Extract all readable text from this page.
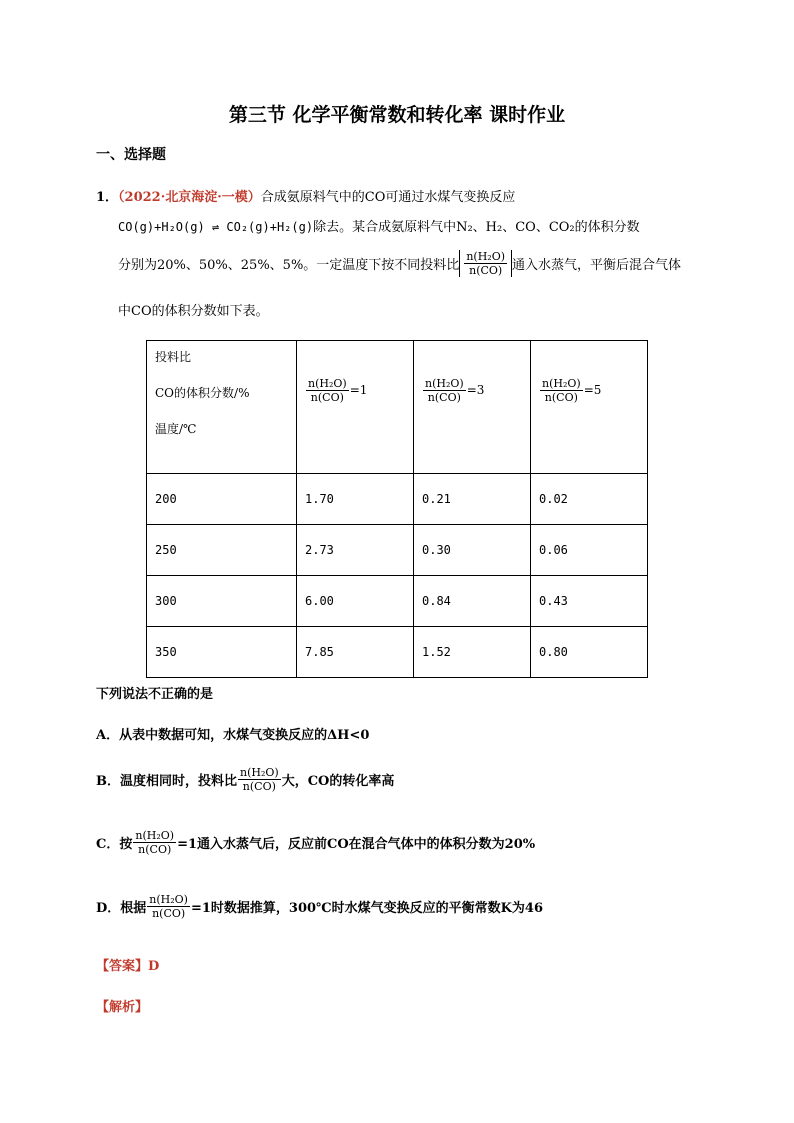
第三节 化学平衡常数和转化率 课时作业
一、选择题
1．（2022·北京海淀·一模）合成氨原料气中的CO可通过水煤气变换反应
CO(g)+H₂O(g) ⇌ CO₂(g)+H₂(g)除去。某合成氨原料气中N₂、H₂、CO、CO₂的体积分数
分别为20%、50%、25%、5%。一定温度下按不同投料比 $\frac{\text{n(H₂O)}}{n(CO)}$ 通入水蒸气，平衡后混合气体
中CO的体积分数如下表。
投料比
CO的体积分数/%
温度/℃	$\frac{\text{n(H₂O)}}{n(CO)} =1$	$\frac{\text{n(H₂O)}}{n(CO)} =3$	$\frac{\text{n(H₂O)}}{n(CO)} =5$

200	1.70	0.21	0.02
250	2.73	0.30	0.06
300	6.00	0.84	0.43
350	7.85	1.52	0.80
下列说法不正确的是
A．从表中数据可知，水煤气变换反应的ΔH<0
B．温度相同时，投料比 $\frac{\text{n(H₂O)}}{n(CO)}$ 大，CO的转化率高
C．按 $\frac{\text{n(H₂O)}}{n(CO)} =1$通入水蒸气后，反应前CO在混合气体中的体积分数为20%
D．根据 $\frac{\text{n(H₂O)}}{n(CO)} =1$时数据推算，300℃时水煤气变换反应的平衡常数K为46
【答案】D
【解析】
